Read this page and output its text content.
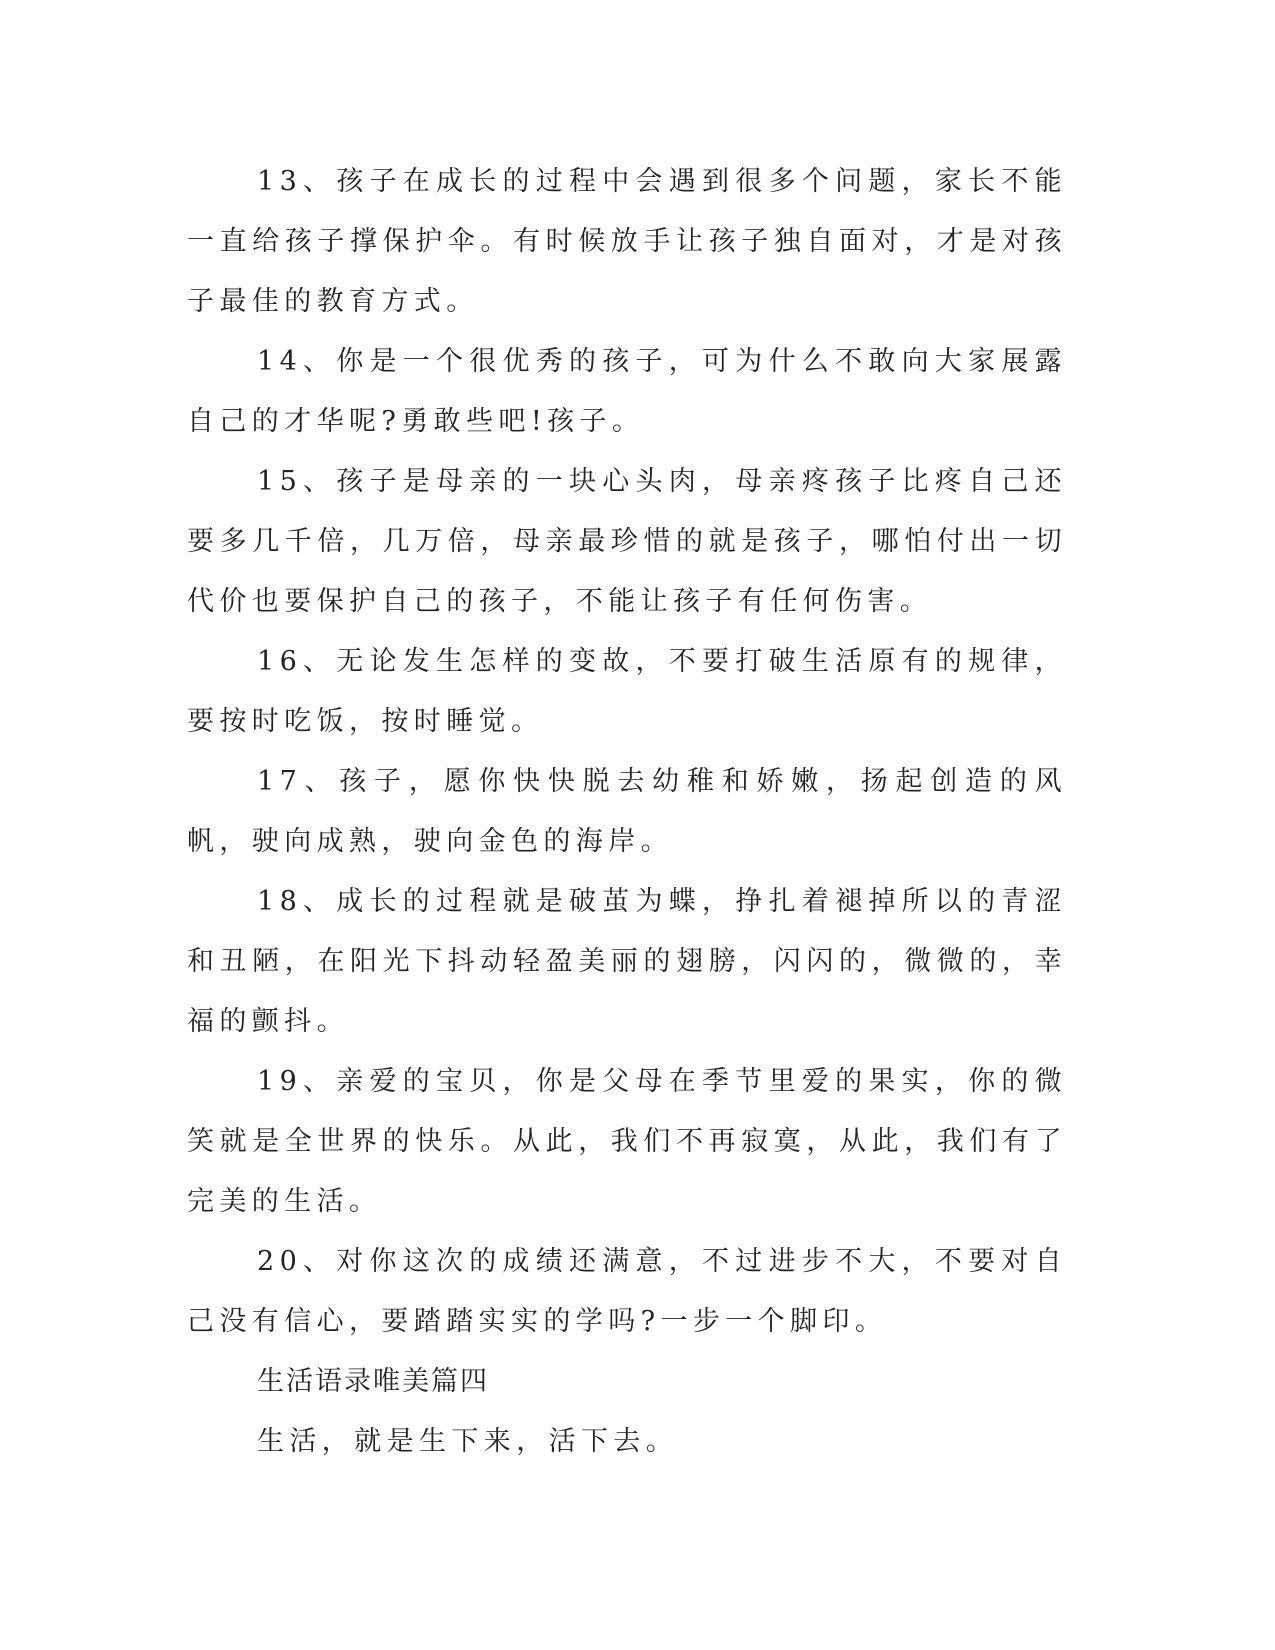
13、孩子在成长的过程中会遇到很多个问题，家长不能一直给孩子撑保护伞。有时候放手让孩子独自面对，才是对孩子最佳的教育方式。

14、你是一个很优秀的孩子，可为什么不敢向大家展露自己的才华呢?勇敢些吧!孩子。

15、孩子是母亲的一块心头肉，母亲疼孩子比疼自己还要多几千倍，几万倍，母亲最珍惜的就是孩子，哪怕付出一切代价也要保护自己的孩子，不能让孩子有任何伤害。

16、无论发生怎样的变故，不要打破生活原有的规律，要按时吃饭，按时睡觉。

17、孩子，愿你快快脱去幼稚和娇嫩，扬起创造的风帆，驶向成熟，驶向金色的海岸。

18、成长的过程就是破茧为蝶，挣扎着褪掉所以的青涩和丑陋，在阳光下抖动轻盈美丽的翅膀，闪闪的，微微的，幸福的颤抖。

19、亲爱的宝贝，你是父母在季节里爱的果实，你的微笑就是全世界的快乐。从此，我们不再寂寞，从此，我们有了完美的生活。

20、对你这次的成绩还满意，不过进步不大，不要对自己没有信心，要踏踏实实的学吗?一步一个脚印。

生活语录唯美篇四

生活，就是生下来，活下去。
